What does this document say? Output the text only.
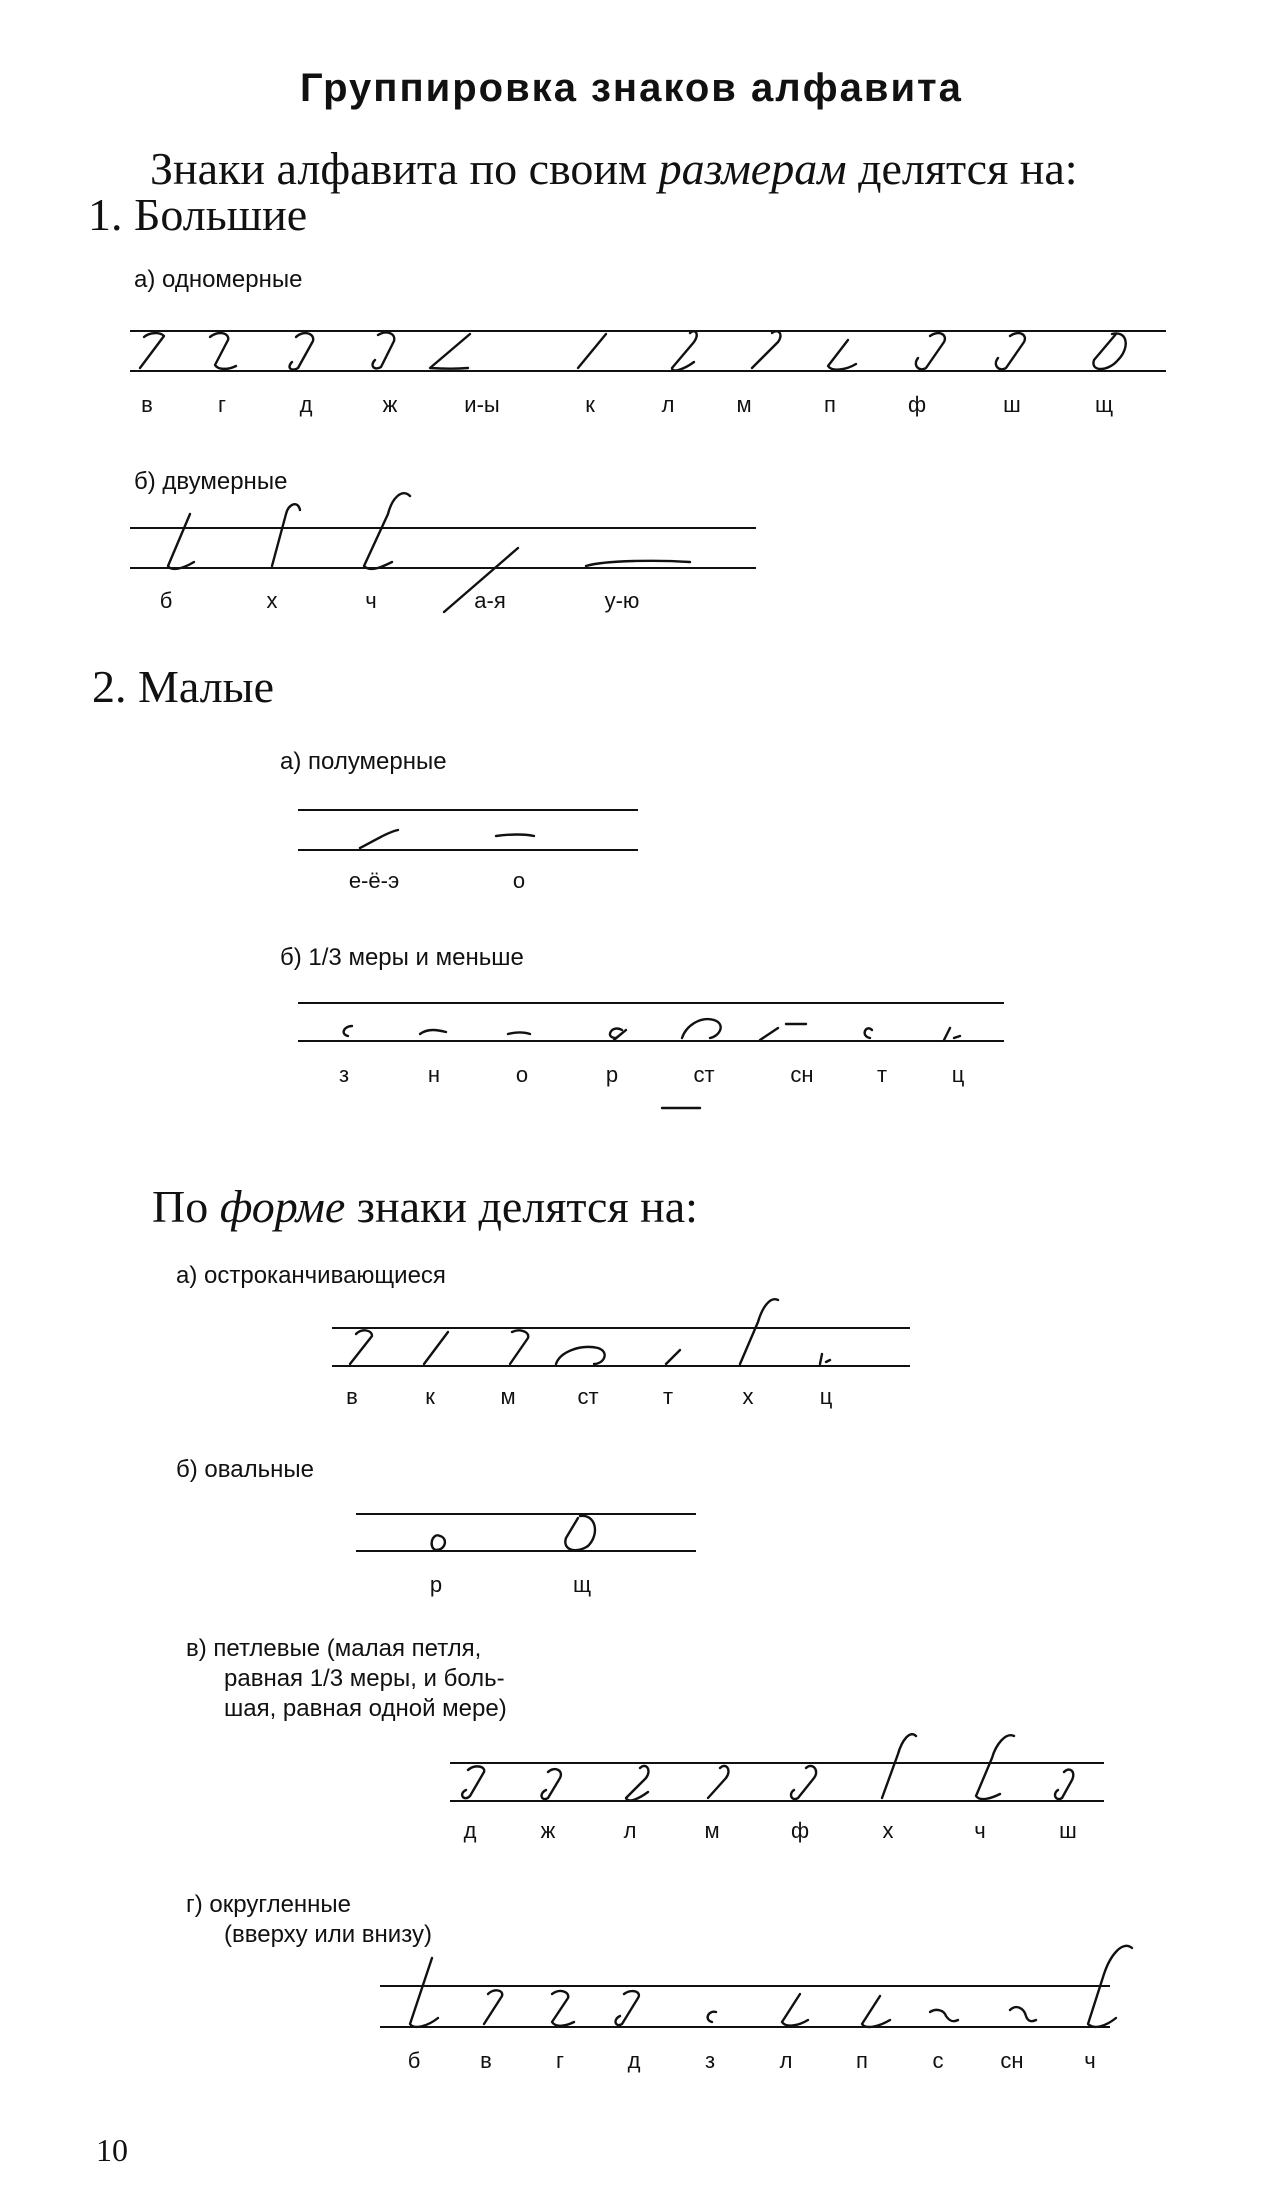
Группировка знаков алфавита
Знаки алфавита по своим размерам делятся на:
1. Большие
а) одномерные
в	г	д	ж	и-ы	к	л	м	п	ф	ш	щ
б) двумерные
б	х	ч	а-я	у-ю
2. Малые
а) полумерные
е-ё-э	о
б) 1/3 меры и меньше
з	н	о	р	ст	сн	т	ц
По форме знаки делятся на:
а) остроканчивающиеся
в	к	м	ст	т	х	ц
б) овальные
р	щ
в) петлевые (малая петля,
равная 1/3 меры, и боль-
шая, равная одной мере)
д	ж	л	м	ф	х	ч	ш
г) округленные
(вверху или внизу)
б	в	г	д	з	л	п	с	сн	ч
10
